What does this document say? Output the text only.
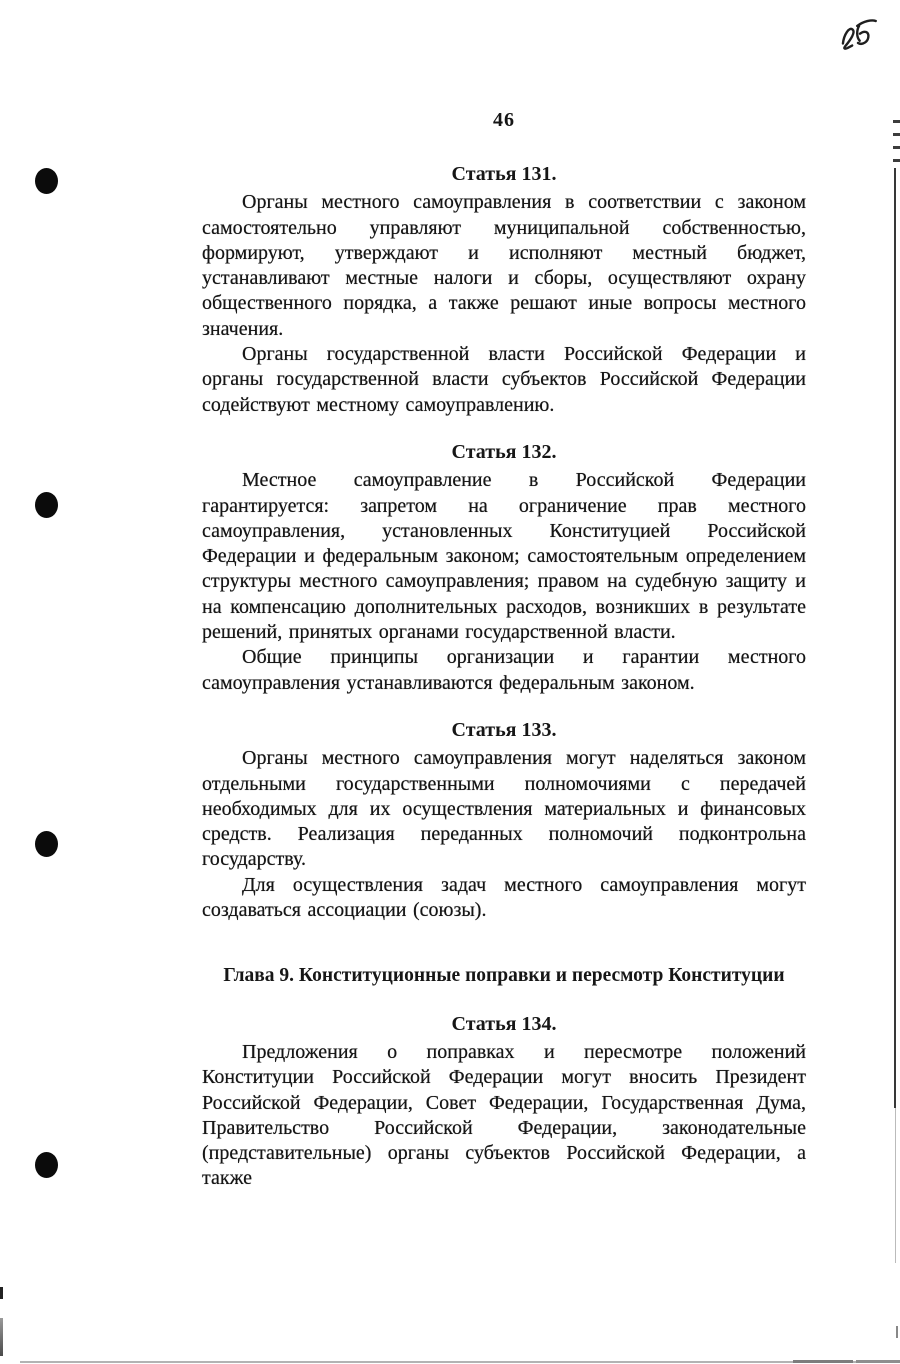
46
Статья 131.

Органы местного самоуправления в соответствии с законом самостоятельно управляют муниципальной собственностью, формируют, утверждают и исполняют местный бюджет, устанавливают местные налоги и сборы, осуществляют охрану общественного порядка, а также решают иные вопросы местного значения.

Органы государственной власти Российской Федерации и органы государственной власти субъектов Российской Федерации содействуют местному самоуправлению.

Статья 132.

Местное самоуправление в Российской Федерации гарантируется: запретом на ограничение прав местного самоуправления, установленных Конституцией Российской Федерации и федеральным законом; самостоятельным определением структуры местного самоуправления; правом на судебную защиту и на компенсацию дополнительных расходов, возникших в результате решений, принятых органами государственной власти.

Общие принципы организации и гарантии местного самоуправления устанавливаются федеральным законом.

Статья 133.

Органы местного самоуправления могут наделяться законом отдельными государственными полномочиями с передачей необходимых для их осуществления материальных и финансовых средств. Реализация переданных полномочий подконтрольна государству.

Для осуществления задач местного самоуправления могут создаваться ассоциации (союзы).

Глава 9. Конституционные поправки и пересмотр Конституции
Статья 134.

Предложения о поправках и пересмотре положений Конституции Российской Федерации могут вносить Президент Российской Федерации, Совет Федерации, Государственная Дума, Правительство Российской Федерации, законодательные (представительные) органы субъектов Российской Федерации, а также
